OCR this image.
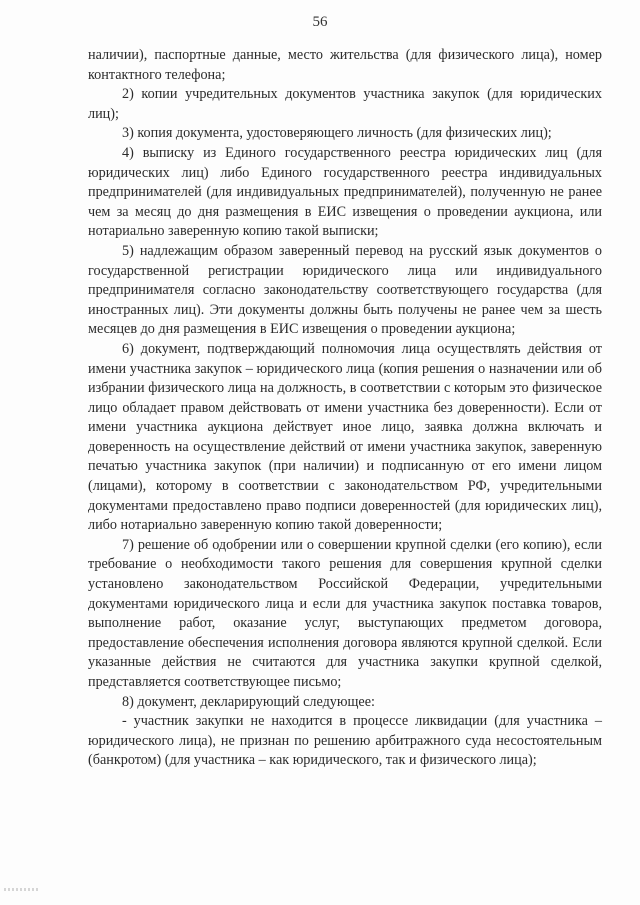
56

наличии), паспортные данные, место жительства (для физического лица), номер контактного телефона;

2) копии учредительных документов участника закупок (для юридических лиц);

3) копия документа, удостоверяющего личность (для физических лиц);

4) выписку из Единого государственного реестра юридических лиц (для юридических лиц) либо Единого государственного реестра индивидуальных предпринимателей (для индивидуальных предпринимателей), полученную не ранее чем за месяц до дня размещения в ЕИС извещения о проведении аукциона, или нотариально заверенную копию такой выписки;

5) надлежащим образом заверенный перевод на русский язык документов о государственной регистрации юридического лица или индивидуального предпринимателя согласно законодательству соответствующего государства (для иностранных лиц). Эти документы должны быть получены не ранее чем за шесть месяцев до дня размещения в ЕИС извещения о проведении аукциона;

6) документ, подтверждающий полномочия лица осуществлять действия от имени участника закупок – юридического лица (копия решения о назначении или об избрании физического лица на должность, в соответствии с которым это физическое лицо обладает правом действовать от имени участника без доверенности). Если от имени участника аукциона действует иное лицо, заявка должна включать и доверенность на осуществление действий от имени участника закупок, заверенную печатью участника закупок (при наличии) и подписанную от его имени лицом (лицами), которому в соответствии с законодательством РФ, учредительными документами предоставлено право подписи доверенностей (для юридических лиц), либо нотариально заверенную копию такой доверенности;

7) решение об одобрении или о совершении крупной сделки (его копию), если требование о необходимости такого решения для совершения крупной сделки установлено законодательством Российской Федерации, учредительными документами юридического лица и если для участника закупок поставка товаров, выполнение работ, оказание услуг, выступающих предметом договора, предоставление обеспечения исполнения договора являются крупной сделкой. Если указанные действия не считаются для участника закупки крупной сделкой, представляется соответствующее письмо;

8) документ, декларирующий следующее:

- участник закупки не находится в процессе ликвидации (для участника – юридического лица), не признан по решению арбитражного суда несостоятельным (банкротом) (для участника – как юридического, так и физического лица);
